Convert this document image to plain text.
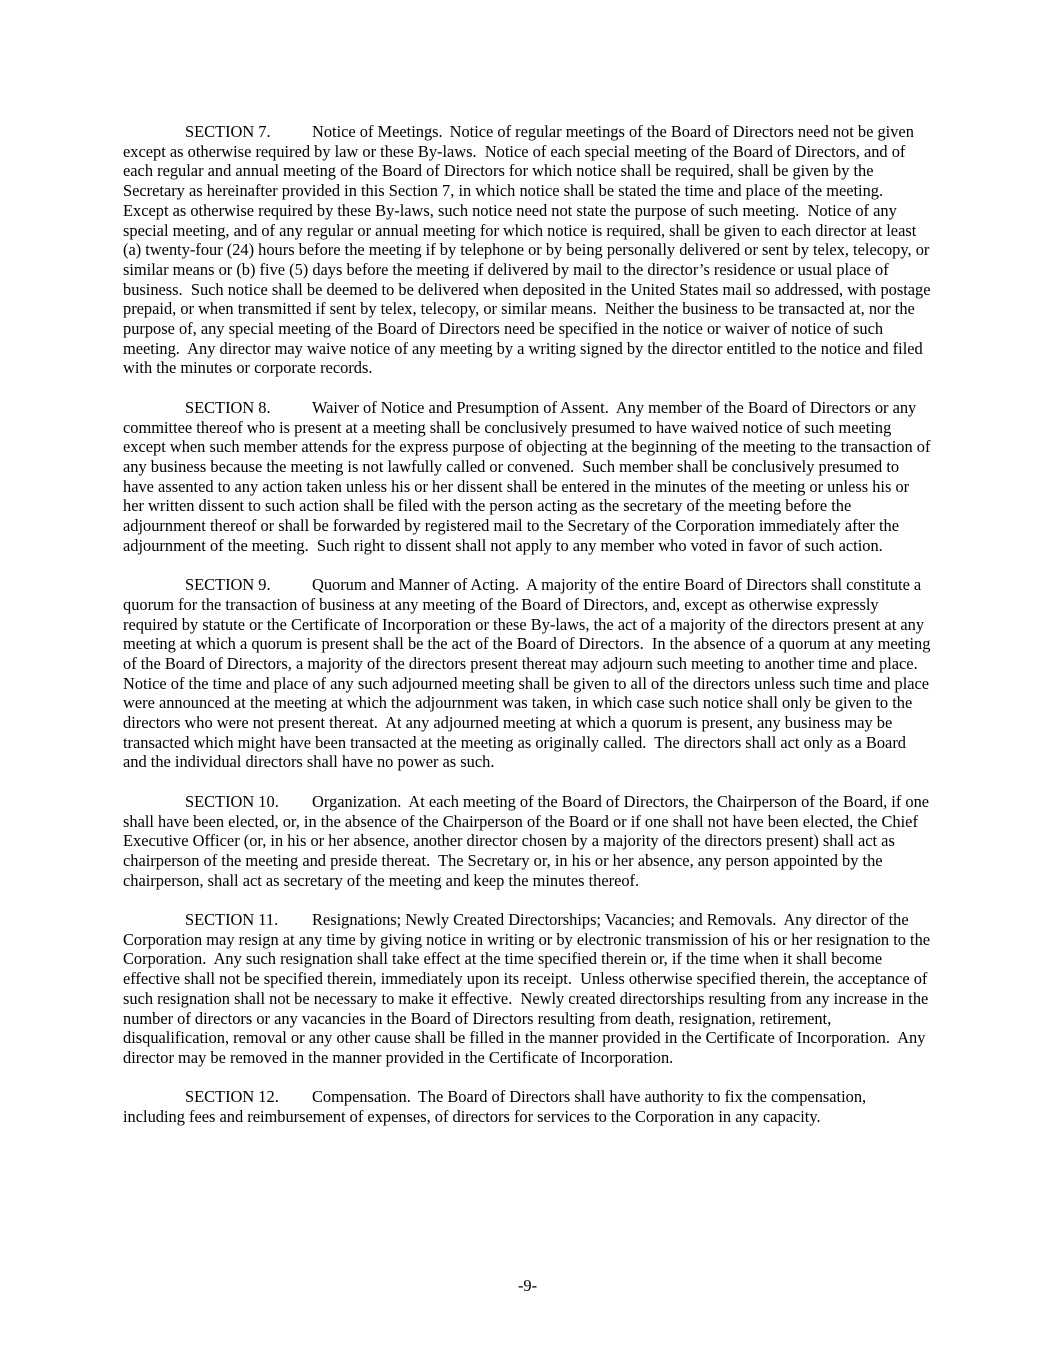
SECTION 7.	Notice of Meetings. Notice of regular meetings of the Board of Directors need not be given except as otherwise required by law or these By-laws.  Notice of each special meeting of the Board of Directors, and of each regular and annual meeting of the Board of Directors for which notice shall be required, shall be given by the Secretary as hereinafter provided in this Section 7, in which notice shall be stated the time and place of the meeting.  Except as otherwise required by these By-laws, such notice need not state the purpose of such meeting.  Notice of any special meeting, and of any regular or annual meeting for which notice is required, shall be given to each director at least (a) twenty-four (24) hours before the meeting if by telephone or by being personally delivered or sent by telex, telecopy, or similar means or (b) five (5) days before the meeting if delivered by mail to the director’s residence or usual place of business.  Such notice shall be deemed to be delivered when deposited in the United States mail so addressed, with postage prepaid, or when transmitted if sent by telex, telecopy, or similar means.  Neither the business to be transacted at, nor the purpose of, any special meeting of the Board of Directors need be specified in the notice or waiver of notice of such meeting.  Any director may waive notice of any meeting by a writing signed by the director entitled to the notice and filed with the minutes or corporate records.

SECTION 8.	Waiver of Notice and Presumption of Assent. Any member of the Board of Directors or any committee thereof who is present at a meeting shall be conclusively presumed to have waived notice of such meeting except when such member attends for the express purpose of objecting at the beginning of the meeting to the transaction of any business because the meeting is not lawfully called or convened.  Such member shall be conclusively presumed to have assented to any action taken unless his or her dissent shall be entered in the minutes of the meeting or unless his or her written dissent to such action shall be filed with the person acting as the secretary of the meeting before the adjournment thereof or shall be forwarded by registered mail to the Secretary of the Corporation immediately after the adjournment of the meeting.  Such right to dissent shall not apply to any member who voted in favor of such action.

SECTION 9.	Quorum and Manner of Acting. A majority of the entire Board of Directors shall constitute a quorum for the transaction of business at any meeting of the Board of Directors, and, except as otherwise expressly required by statute or the Certificate of Incorporation or these By-laws, the act of a majority of the directors present at any meeting at which a quorum is present shall be the act of the Board of Directors.  In the absence of a quorum at any meeting of the Board of Directors, a majority of the directors present thereat may adjourn such meeting to another time and place.  Notice of the time and place of any such adjourned meeting shall be given to all of the directors unless such time and place were announced at the meeting at which the adjournment was taken, in which case such notice shall only be given to the directors who were not present thereat.  At any adjourned meeting at which a quorum is present, any business may be transacted which might have been transacted at the meeting as originally called.  The directors shall act only as a Board and the individual directors shall have no power as such.

SECTION 10. Organization. At each meeting of the Board of Directors, the Chairperson of the Board, if one shall have been elected, or, in the absence of the Chairperson of the Board or if one shall not have been elected, the Chief Executive Officer (or, in his or her absence, another director chosen by a majority of the directors present) shall act as chairperson of the meeting and preside thereat.  The Secretary or, in his or her absence, any person appointed by the chairperson, shall act as secretary of the meeting and keep the minutes thereof.

SECTION 11. Resignations; Newly Created Directorships; Vacancies; and Removals. Any director of the Corporation may resign at any time by giving notice in writing or by electronic transmission of his or her resignation to the Corporation.  Any such resignation shall take effect at the time specified therein or, if the time when it shall become effective shall not be specified therein, immediately upon its receipt.  Unless otherwise specified therein, the acceptance of such resignation shall not be necessary to make it effective.  Newly created directorships resulting from any increase in the number of directors or any vacancies in the Board of Directors resulting from death, resignation, retirement, disqualification, removal or any other cause shall be filled in the manner provided in the Certificate of Incorporation.  Any director may be removed in the manner provided in the Certificate of Incorporation.

SECTION 12. Compensation. The Board of Directors shall have authority to fix the compensation, including fees and reimbursement of expenses, of directors for services to the Corporation in any capacity.

-9-
